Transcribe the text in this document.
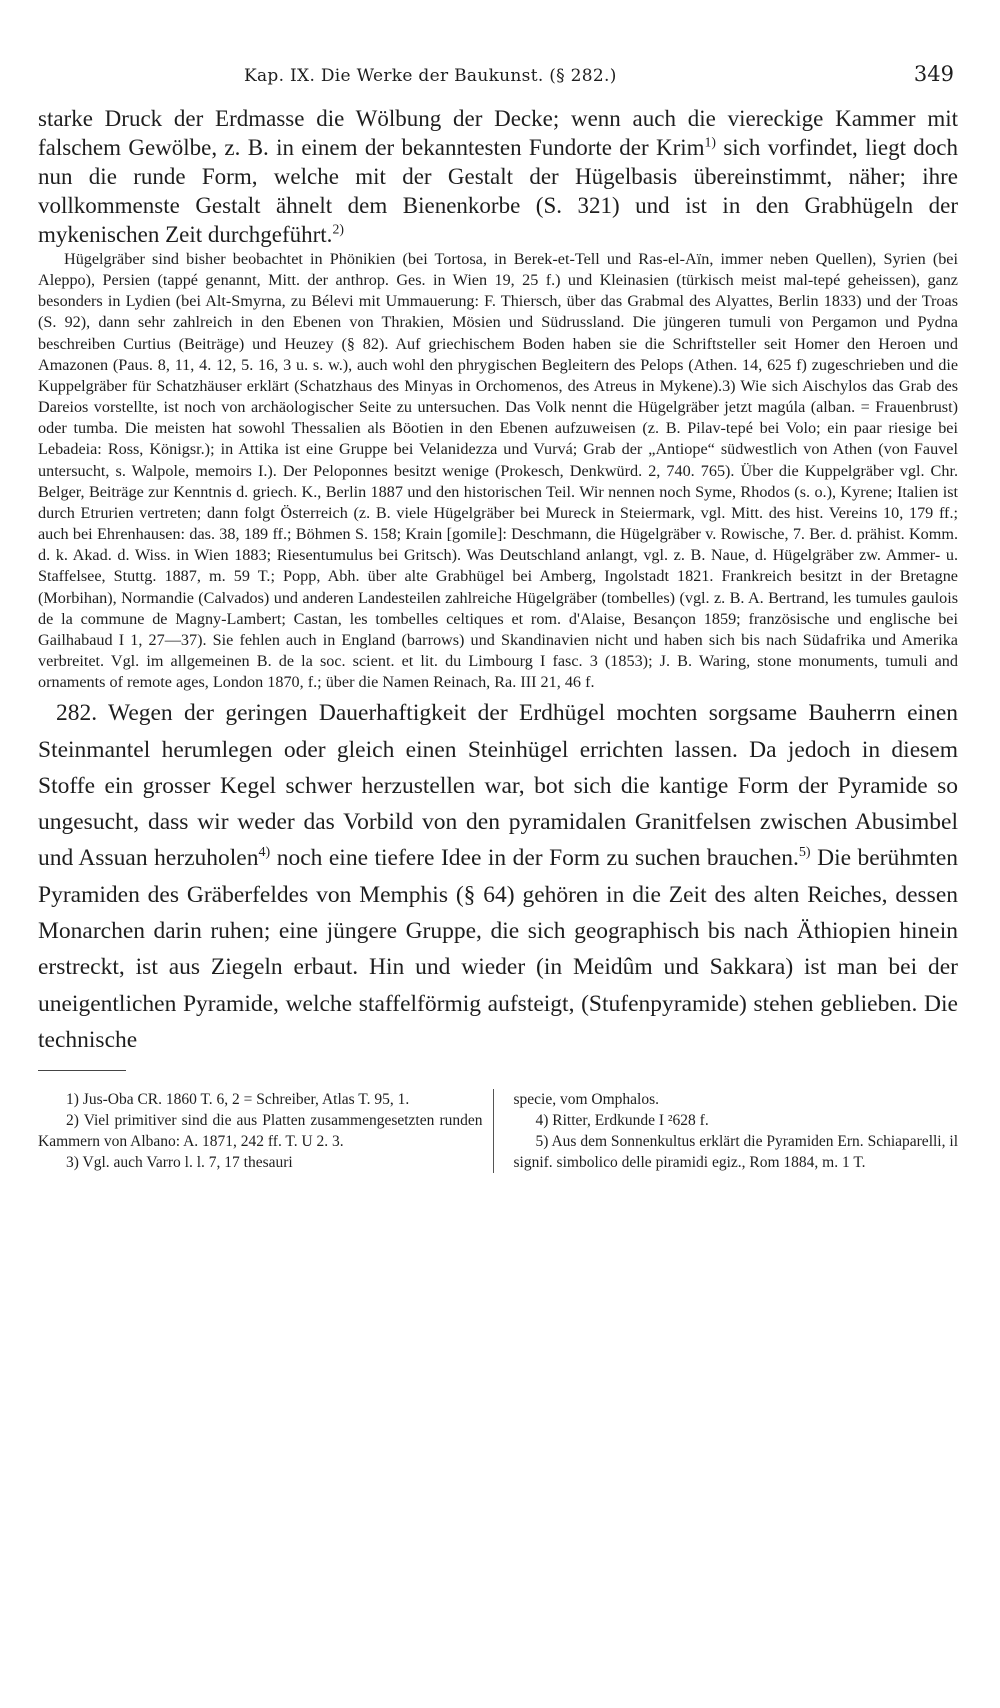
Kap. IX. Die Werke der Baukunst. (§ 282.)	349

starke Druck der Erdmasse die Wölbung der Decke; wenn auch die viereckige Kammer mit falschem Gewölbe, z. B. in einem der bekanntesten Fundorte der Krim$^{1)}$ sich vorfindet, liegt doch nun die runde Form, welche mit der Gestalt der Hügelbasis übereinstimmt, näher; ihre vollkommenste Gestalt ähnelt dem Bienenkorbe (S. 321) und ist in den Grabhügeln der mykenischen Zeit durchgeführt.$^{2)}$

Hügelgräber sind bisher beobachtet in Phönikien (bei Tortosa, in Berek-et-Tell und Ras-el-Aïn, immer neben Quellen), Syrien (bei Aleppo), Persien (tappé genannt, Mitt. der anthrop. Ges. in Wien 19, 25 f.) und Kleinasien (türkisch meist mal-tepé geheissen), ganz besonders in Lydien (bei Alt-Smyrna, zu Bélevi mit Ummauerung: F. Thiersch, über das Grabmal des Alyattes, Berlin 1833) und der Troas (S. 92), dann sehr zahlreich in den Ebenen von Thrakien, Mösien und Südrussland. Die jüngeren tumuli von Pergamon und Pydna beschreiben Curtius (Beiträge) und Heuzey (§ 82). Auf griechischem Boden haben sie die Schriftsteller seit Homer den Heroen und Amazonen (Paus. 8, 11, 4. 12, 5. 16, 3 u. s. w.), auch wohl den phrygischen Begleitern des Pelops (Athen. 14, 625 f) zugeschrieben und die Kuppelgräber für Schatzhäuser erklärt (Schatzhaus des Minyas in Orchomenos, des Atreus in Mykene).3) Wie sich Aischylos das Grab des Dareios vorstellte, ist noch von archäologischer Seite zu untersuchen. Das Volk nennt die Hügelgräber jetzt magúla (alban. = Frauenbrust) oder tumba. Die meisten hat sowohl Thessalien als Böotien in den Ebenen aufzuweisen (z. B. Pilav-tepé bei Volo; ein paar riesige bei Lebadeia: Ross, Königsr.); in Attika ist eine Gruppe bei Velanidezza und Vurvá; Grab der „Antiope“ südwestlich von Athen (von Fauvel untersucht, s. Walpole, memoirs I.). Der Peloponnes besitzt wenige (Prokesch, Denkwürd. 2, 740. 765). Über die Kuppelgräber vgl. Chr. Belger, Beiträge zur Kenntnis d. griech. K., Berlin 1887 und den historischen Teil. Wir nennen noch Syme, Rhodos (s. o.), Kyrene; Italien ist durch Etrurien vertreten; dann folgt Österreich (z. B. viele Hügelgräber bei Mureck in Steiermark, vgl. Mitt. des hist. Vereins 10, 179 ff.; auch bei Ehrenhausen: das. 38, 189 ff.; Böhmen S. 158; Krain [gomile]: Deschmann, die Hügelgräber v. Rowische, 7. Ber. d. prähist. Komm. d. k. Akad. d. Wiss. in Wien 1883; Riesentumulus bei Gritsch). Was Deutschland anlangt, vgl. z. B. Naue, d. Hügelgräber zw. Ammer- u. Staffelsee, Stuttg. 1887, m. 59 T.; Popp, Abh. über alte Grabhügel bei Amberg, Ingolstadt 1821. Frankreich besitzt in der Bretagne (Morbihan), Normandie (Calvados) und anderen Landesteilen zahlreiche Hügelgräber (tombelles) (vgl. z. B. A. Bertrand, les tumules gaulois de la commune de Magny-Lambert; Castan, les tombelles celtiques et rom. d'Alaise, Besançon 1859; französische und englische bei Gailhabaud I 1, 27—37). Sie fehlen auch in England (barrows) und Skandinavien nicht und haben sich bis nach Südafrika und Amerika verbreitet. Vgl. im allgemeinen B. de la soc. scient. et lit. du Limbourg I fasc. 3 (1853); J. B. Waring, stone monuments, tumuli and ornaments of remote ages, London 1870, f.; über die Namen Reinach, Ra. III 21, 46 f.

282. Wegen der geringen Dauerhaftigkeit der Erdhügel mochten sorgsame Bauherrn einen Steinmantel herumlegen oder gleich einen Steinhügel errichten lassen. Da jedoch in diesem Stoffe ein grosser Kegel schwer herzustellen war, bot sich die kantige Form der Pyramide so ungesucht, dass wir weder das Vorbild von den pyramidalen Granitfelsen zwischen Abusimbel und Assuan herzuholen$^{4)}$ noch eine tiefere Idee in der Form zu suchen brauchen.$^{5)}$ Die berühmten Pyramiden des Gräberfeldes von Memphis (§ 64) gehören in die Zeit des alten Reiches, dessen Monarchen darin ruhen; eine jüngere Gruppe, die sich geographisch bis nach Äthiopien hinein erstreckt, ist aus Ziegeln erbaut. Hin und wieder (in Meidûm und Sakkara) ist man bei der uneigentlichen Pyramide, welche staffelförmig aufsteigt, (Stufenpyramide) stehen geblieben. Die technische

1) Jus-Oba CR. 1860 T. 6, 2 = Schreiber, Atlas T. 95, 1.

2) Viel primitiver sind die aus Platten zusammengesetzten runden Kammern von Albano: A. 1871, 242 ff. T. U 2. 3.

3) Vgl. auch Varro l. l. 7, 17 thesauri

specie, vom Omphalos.

4) Ritter, Erdkunde I ²628 f.

5) Aus dem Sonnenkultus erklärt die Pyramiden Ern. Schiaparelli, il signif. simbolico delle piramidi egiz., Rom 1884, m. 1 T.
